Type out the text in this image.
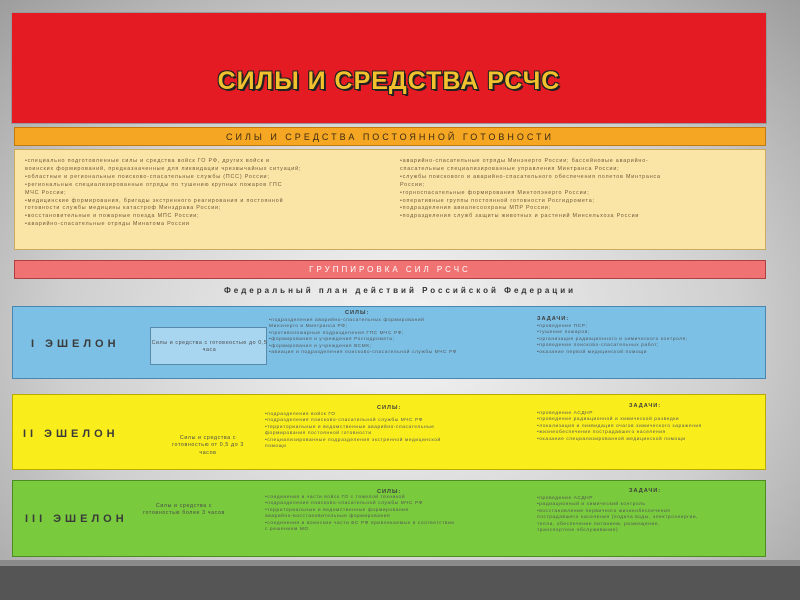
СИЛЫ И СРЕДСТВА РСЧС
СИЛЫ И СРЕДСТВА ПОСТОЯННОЙ ГОТОВНОСТИ
•специально подготовленные силы и средства войск ГО РФ, других войск и
воинских формирований, предназначенные для ликвидации чрезвычайных ситуаций;
•областные и региональные поисково-спасательные службы (ПСС) России;
•региональные специализированные отряды по тушению крупных пожаров ГПС
МЧС России;
•медицинские формирования, бригады экстренного реагирования и постоянной
готовности службы медицины катастроф Минздрава России;
•восстановительные и пожарные поезда МПС России;
•аварийно-спасательные отряды Минатома России
•аварийно-спасательные отряды Минэнерго России; бассейновые аварийно-
спасательные специализированные управления Минтранса России;
•службы поискового и аварийно-спасательного обеспечения полетов Минтранса
России;
•горноспасательные формирования Минтопэнерго России;
•оперативные группы постоянной готовности Росгидромета;
•подразделения авиалесоохраны МПР России;
•подразделения служб защиты животных и растений Минсельхоза России
ГРУППИРОВКА СИЛ РСЧС
Федеральный план действий Российской Федерации
I ЭШЕЛОН	Силы и средства с готовностью до 0,5 часа
СИЛЫ:
•подразделения аварийно-спасательных формирований
Минэнерго и Минтранса РФ;
•противопожарные подразделения ГПС МЧС РФ;
•формирования и учреждения Росгидромета;
•формирования и учреждения ВСМК;
•авиация и подразделения поисково-спасательной службы МЧС РФ
ЗАДАЧИ:
•проведение ПСР;
•тушение пожаров;
•организация радиационного и химического контроля;
•проведение поисково-спасательных работ;
•оказание первой медицинской помощи
II ЭШЕЛОН	Силы и средства с готовностью от 0,5 до 3 часов
СИЛЫ:
•подразделения войск ГО
•подразделения поисково-спасательной службы МЧС РФ
•территориальные и ведомственные аварийно-спасательные
формирования постоянной готовности
•специализированные подразделения экстренной медицинской
помощи
ЗАДАЧИ:
•проведение АСДНР
•проведение радиационной и химической разведки
•локализация и ликвидация очагов химического заражения
•жизнеобеспечение пострадавшего населения
•оказание специализированной медицинской помощи
III ЭШЕЛОН
Силы и средства с готовностью более 3 часов
СИЛЫ:
•соединения и части войск ГО с тяжелой техникой
•подразделения поисково-спасательной службы МЧС РФ
•территориальные и ведомственные формирования
аварийно-восстановительные формирования
•соединения и воинские части ВС РФ привлекаемые в соответствии
с решением МО
ЗАДАЧИ:
•проведение АСДНР
•радиационный и химический контроль
•восстановление первичного жизнеобеспечения
пострадавшего населения (подача воды, электроэнергии,
тепла, обеспечение питанием, размещение,
транспортное обслуживание)
